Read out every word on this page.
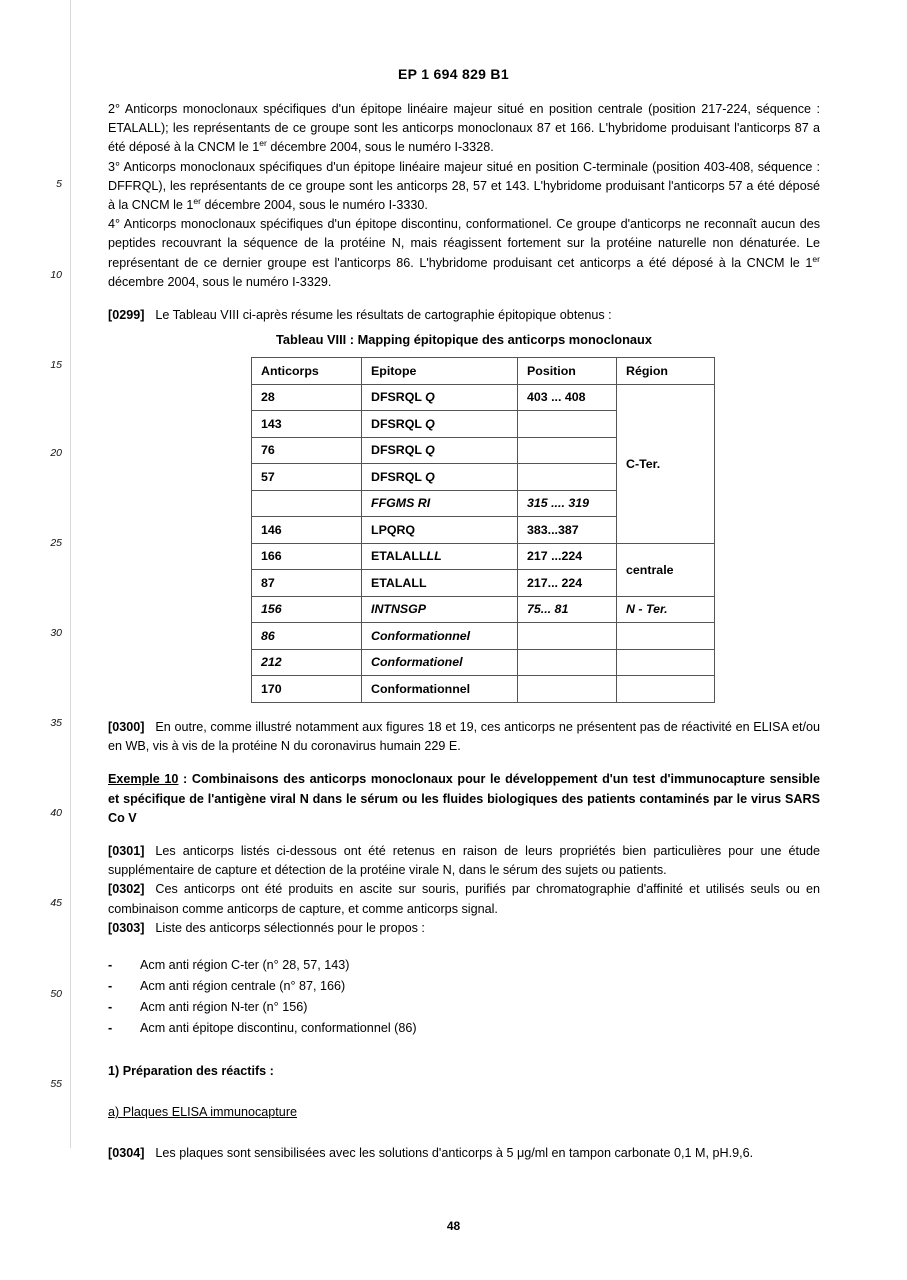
5
10
15
20
25
30
35
40
45
50
55
EP 1 694 829 B1

2° Anticorps monoclonaux spécifiques d'un épitope linéaire majeur situé en position centrale (position 217-224, séquence : ETALALL); les représentants de ce groupe sont les anticorps monoclonaux 87 et 166. L'hybridome produisant l'anticorps 87 a été déposé à la CNCM le 1er décembre 2004, sous le numéro I-3328.

3° Anticorps monoclonaux spécifiques d'un épitope linéaire majeur situé en position C-terminale (position 403-408, séquence : DFFRQL), les représentants de ce groupe sont les anticorps 28, 57 et 143. L'hybridome produisant l'anticorps 57 a été déposé à la CNCM le 1er décembre 2004, sous le numéro I-3330.

4° Anticorps monoclonaux spécifiques d'un épitope discontinu, conformationel. Ce groupe d'anticorps ne reconnaît aucun des peptides recouvrant la séquence de la protéine N, mais réagissent fortement sur la protéine naturelle non dénaturée. Le représentant de ce dernier groupe est l'anticorps 86. L'hybridome produisant cet anticorps a été déposé à la CNCM le 1er décembre 2004, sous le numéro I-3329.

[0299] Le Tableau VIII ci-après résume les résultats de cartographie épitopique obtenus :

Tableau VIII : Mapping épitopique des anticorps monoclonaux
Anticorps	Epitope	Position	Région
28	DFSRQL Q	403 ... 408	C-Ter.
143	DFSRQL Q		
76	DFSRQL Q		
57	DFSRQL Q		
	FFGMS RI	315 .... 319	
146	LPQRQ	383...387	
166	ETALALLLL	217 ...224	centrale
87	ETALALL	217... 224	
156	INTNSGP	75... 81	N - Ter.
86	Conformationnel		
212	Conformationel		
170	Conformationnel		

[0300] En outre, comme illustré notamment aux figures 18 et 19, ces anticorps ne présentent pas de réactivité en ELISA et/ou en WB, vis à vis de la protéine N du coronavirus humain 229 E.

Exemple 10 : Combinaisons des anticorps monoclonaux pour le développement d'un test d'immunocapture sensible et spécifique de l'antigène viral N dans le sérum ou les fluides biologiques des patients contaminés par le virus SARS Co V

[0301] Les anticorps listés ci-dessous ont été retenus en raison de leurs propriétés bien particulières pour une étude supplémentaire de capture et détection de la protéine virale N, dans le sérum des sujets ou patients.

[0302] Ces anticorps ont été produits en ascite sur souris, purifiés par chromatographie d'affinité et utilisés seuls ou en combinaison comme anticorps de capture, et comme anticorps signal.

[0303] Liste des anticorps sélectionnés pour le propos :

- Acm anti région C-ter (n° 28, 57, 143)
- Acm anti région centrale (n° 87, 166)
- Acm anti région N-ter (n° 156)
- Acm anti épitope discontinu, conformationnel (86)

1) Préparation des réactifs :

a) Plaques ELISA immunocapture

[0304] Les plaques sont sensibilisées avec les solutions d'anticorps à 5 μg/ml en tampon carbonate 0,1 M, pH.9,6.

48
